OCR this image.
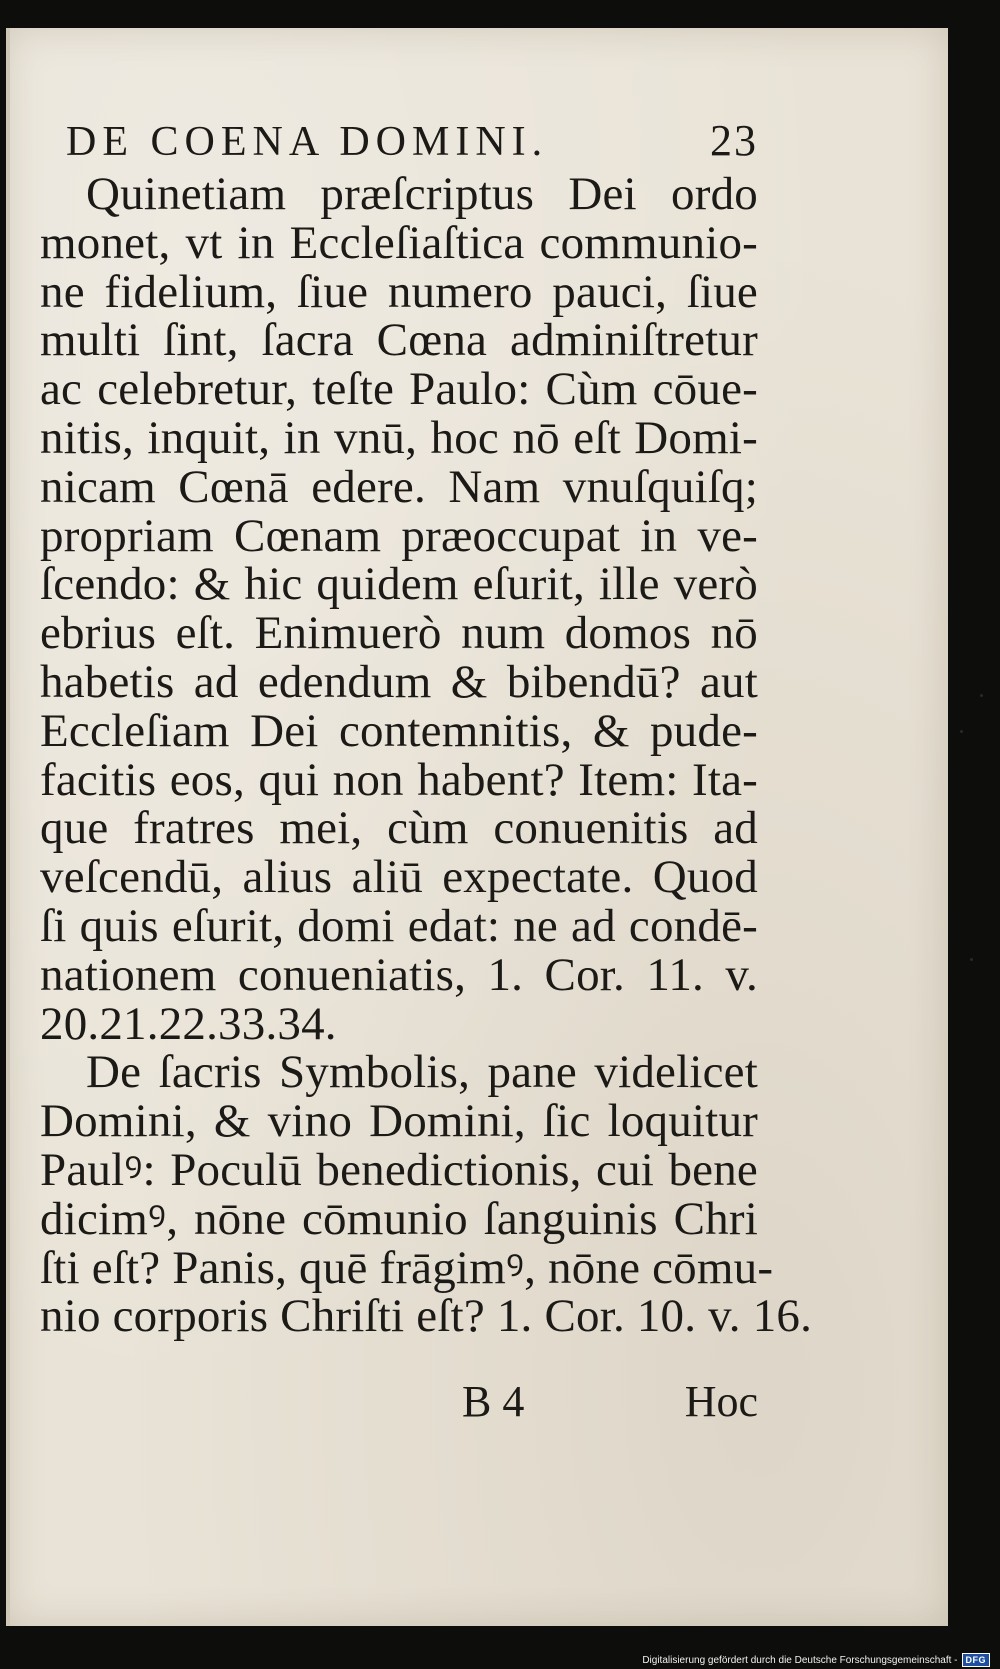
DE COENA DOMINI.	23

Quinetiam præſcriptus Dei ordo

monet, vt in Eccleſiaſtica communio-

ne fidelium, ſiue numero pauci, ſiue

multi ſint, ſacra Cœna adminiſtretur

ac celebretur, teſte Paulo: Cùm cōue-

nitis, inquit, in vnū, hoc nō eſt Domi-

nicam Cœnā edere. Nam vnuſquiſq;

propriam Cœnam præoccupat in ve-

ſcendo: & hic quidem eſurit, ille verò

ebrius eſt. Enimuerò num domos nō

habetis ad edendum & bibendū? aut

Eccleſiam Dei contemnitis, & pude-

facitis eos, qui non habent? Item: Ita-

que fratres mei, cùm conuenitis ad

veſcendū, alius aliū expectate. Quod

ſi quis eſurit, domi edat: ne ad condē-

nationem conueniatis, 1. Cor. 11. v.

20.21.22.33.34.

De ſacris Symbolis, pane videlicet

Domini, & vino Domini, ſic loquitur

Paulꝰ: Poculū benedictionis, cui bene

dicimꝰ, nōne cōmunio ſanguinis Chri

ſti eſt? Panis, quē frāgimꝰ, nōne cōmu-

nio corporis Chriſti eſt? 1. Cor. 10. v. 16.

B 4	Hoc
Digitalisierung gefördert durch die Deutsche Forschungsgemeinschaft - DFG
